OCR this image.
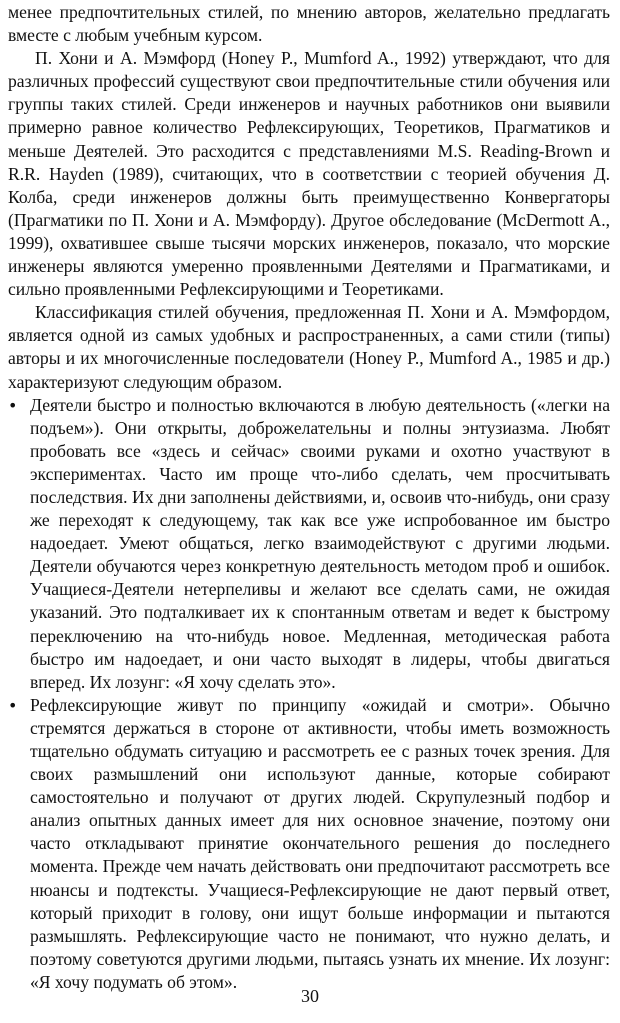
менее предпочтительных стилей, по мнению авторов, желательно предлагать вместе с любым учебным курсом.

П. Хони и А. Мэмфорд (Honey P., Mumford A., 1992) утверждают, что для различных профессий существуют свои предпочтительные стили обучения или группы таких стилей. Среди инженеров и научных работников они выявили примерно равное количество Рефлексирующих, Теоретиков, Прагматиков и меньше Деятелей. Это расходится с представлениями M.S. Reading-Brown и R.R. Hayden (1989), считающих, что в соответствии с теорией обучения Д. Колба, среди инженеров должны быть преимущественно Конвергаторы (Прагматики по П. Хони и А. Мэмфорду). Другое обследование (McDermott A., 1999), охватившее свыше тысячи морских инженеров, показало, что морские инженеры являются умеренно проявленными Деятелями и Прагматиками, и сильно проявленными Рефлексирующими и Теоретиками.

Классификация стилей обучения, предложенная П. Хони и А. Мэмфордом, является одной из самых удобных и распространенных, а сами стили (типы) авторы и их многочисленные последователи (Honey P., Mumford A., 1985 и др.) характеризуют следующим образом.

• Деятели быстро и полностью включаются в любую деятельность («легки на подъем»). Они открыты, доброжелательны и полны энтузиазма. Любят пробовать все «здесь и сейчас» своими руками и охотно участвуют в экспериментах. Часто им проще что-либо сделать, чем просчитывать последствия. Их дни заполнены действиями, и, освоив что-нибудь, они сразу же переходят к следующему, так как все уже испробованное им быстро надоедает. Умеют общаться, легко взаимодействуют с другими людьми. Деятели обучаются через конкретную деятельность методом проб и ошибок. Учащиеся-Деятели нетерпеливы и желают все сделать сами, не ожидая указаний. Это подталкивает их к спонтанным ответам и ведет к быстрому переключению на что-нибудь новое. Медленная, методическая работа быстро им надоедает, и они часто выходят в лидеры, чтобы двигаться вперед. Их лозунг: «Я хочу сделать это».
• Рефлексирующие живут по принципу «ожидай и смотри». Обычно стремятся держаться в стороне от активности, чтобы иметь возможность тщательно обдумать ситуацию и рассмотреть ее с разных точек зрения. Для своих размышлений они используют данные, которые собирают самостоятельно и получают от других людей. Скрупулезный подбор и анализ опытных данных имеет для них основное значение, поэтому они часто откладывают принятие окончательного решения до последнего момента. Прежде чем начать действовать они предпочитают рассмотреть все нюансы и подтексты. Учащиеся-Рефлексирующие не дают первый ответ, который приходит в голову, они ищут больше информации и пытаются размышлять. Рефлексирующие часто не понимают, что нужно делать, и поэтому советуются другими людьми, пытаясь узнать их мнение. Их лозунг: «Я хочу подумать об этом».
30
